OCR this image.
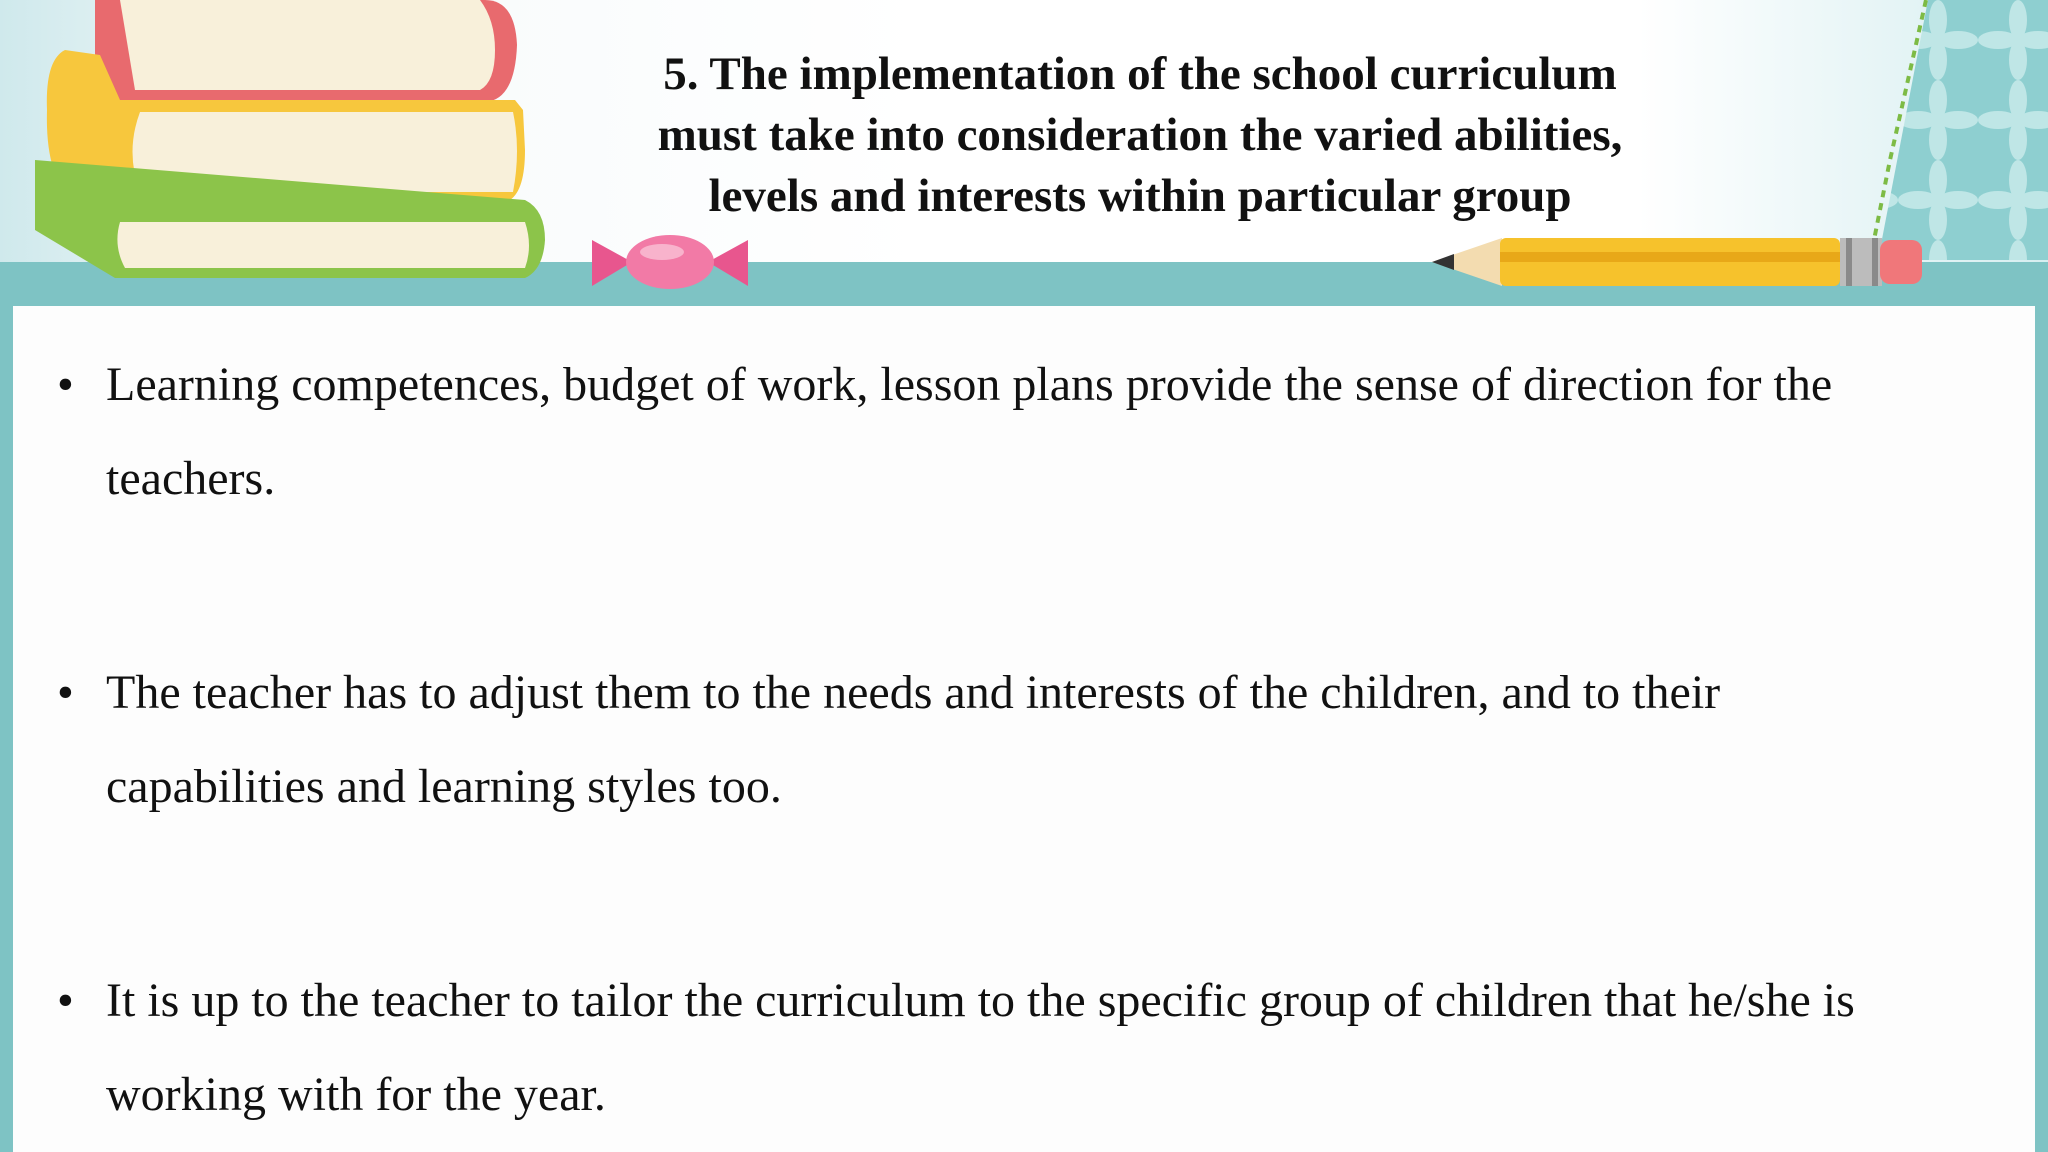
5. The implementation of the school curriculum
must take into consideration the varied abilities,
levels and interests within particular group
• Learning competences, budget of work, lesson plans provide the sense of direction for the
teachers.
• The teacher has to adjust them to the needs and interests of the children, and to their
capabilities and learning styles too.
• It is up to the teacher to tailor the curriculum to the specific group of children that he/she is
working with for the year.
